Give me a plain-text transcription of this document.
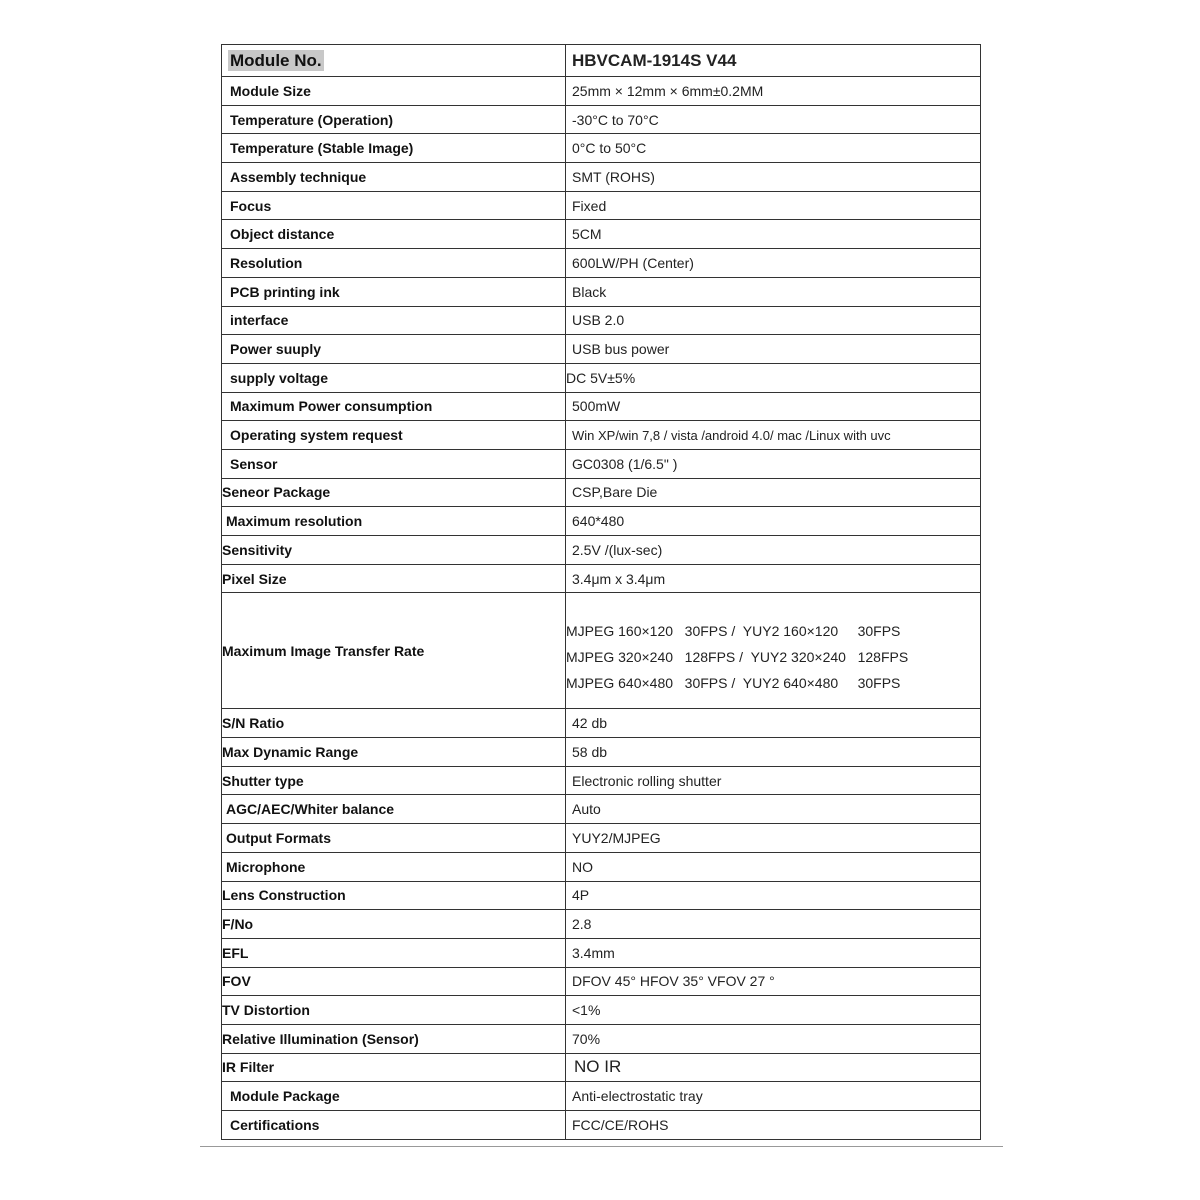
Module No.	HBVCAM-1914S V44
Module Size	25mm × 12mm × 6mm±0.2MM
Temperature (Operation)	-30°C to 70°C
Temperature (Stable Image)	0°C to 50°C
Assembly technique	SMT (ROHS)
Focus	Fixed
Object distance	5CM
Resolution	600LW/PH (Center)
PCB printing ink	Black
interface	USB 2.0
Power suuply	USB bus power
supply voltage	DC 5V±5%
Maximum Power consumption	500mW
Operating system request	Win XP/win 7,8 / vista /android 4.0/ mac /Linux with uvc
Sensor	GC0308 (1/6.5" )
Seneor Package	CSP,Bare Die
Maximum resolution	640*480
Sensitivity	2.5V /(lux-sec)
Pixel Size	3.4μm x 3.4μm
Maximum Image Transfer Rate	MJPEG 160×120   30FPS /  YUY2 160×120     30FPS
MJPEG 320×240   128FPS /  YUY2 320×240   128FPS
MJPEG 640×480   30FPS /  YUY2 640×480     30FPS

S/N Ratio	42 db
Max Dynamic Range	58 db
Shutter type	Electronic rolling shutter
AGC/AEC/Whiter balance	Auto
Output Formats	YUY2/MJPEG
Microphone	NO
Lens Construction	4P
F/No	2.8
EFL	3.4mm
FOV	DFOV 45° HFOV 35° VFOV 27 °
TV Distortion	<1%
Relative Illumination (Sensor)	70%
IR Filter	NO IR
Module Package	Anti-electrostatic tray
Certifications	FCC/CE/ROHS
